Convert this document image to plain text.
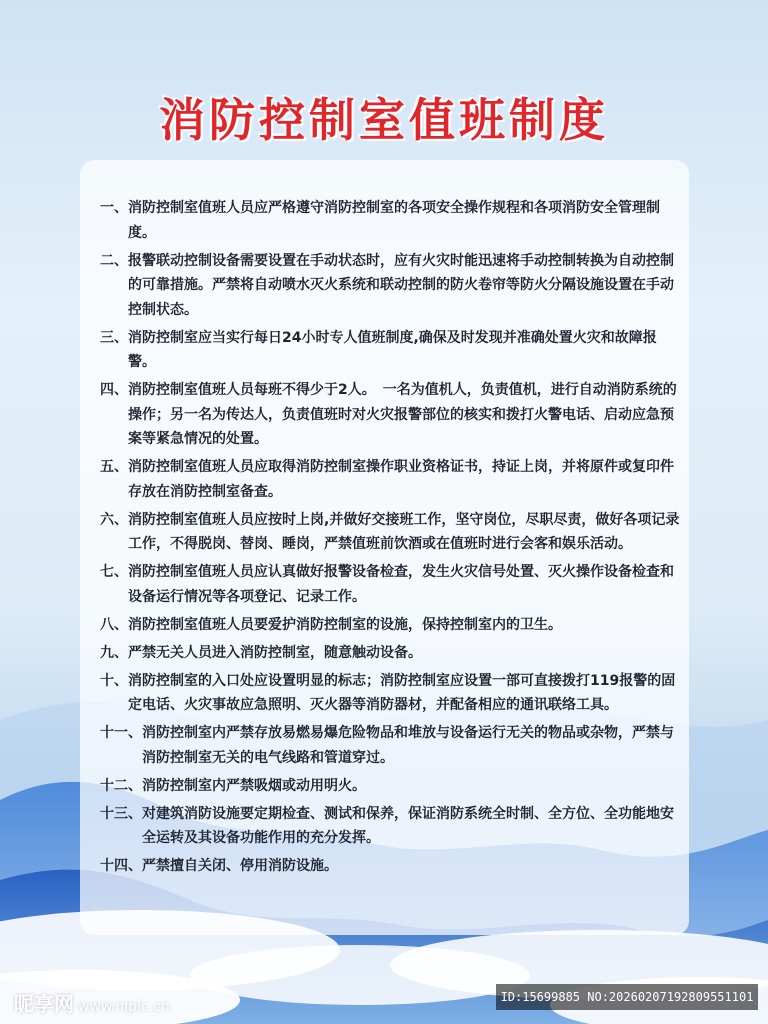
消防控制室值班制度
一、 消防控制室值班人员应严格遵守消防控制室的各项安全操作规程和各项消防安全管理制度。
二、 报警联动控制设备需要设置在手动状态时，应有火灾时能迅速将手动控制转换为自动控制的可靠措施。严禁将自动喷水灭火系统和联动控制的防火卷帘等防火分隔设施设置在手动控制状态。
三、 消防控制室应当实行每日24小时专人值班制度,确保及时发现并准确处置火灾和故障报警。
四、 消防控制室值班人员每班不得少于2人。　一名为值机人，负责值机，进行自动消防系统的操作；另一名为传达人，负责值班时对火灾报警部位的核实和拨打火警电话、启动应急预案等紧急情况的处置。
五、 消防控制室值班人员应取得消防控制室操作职业资格证书，持证上岗，并将原件或复印件存放在消防控制室备查。
六、 消防控制室值班人员应按时上岗,并做好交接班工作，坚守岗位，尽职尽责，做好各项记录工作，不得脱岗、替岗、睡岗，严禁值班前饮酒或在值班时进行会客和娱乐活动。
七、 消防控制室值班人员应认真做好报警设备检查，发生火灾信号处置、灭火操作设备检查和设备运行情况等各项登记、记录工作。
八、 消防控制室值班人员要爱护消防控制室的设施，保持控制室内的卫生。
九、 严禁无关人员进入消防控制室，随意触动设备。
十、 消防控制室的入口处应设置明显的标志；消防控制室应设置一部可直接拨打119报警的固定电话、火灾事故应急照明、灭火器等消防器材，并配备相应的通讯联络工具。
十一、 消防控制室内严禁存放易燃易爆危险物品和堆放与设备运行无关的物品或杂物，严禁与消防控制室无关的电气线路和管道穿过。
十二、 消防控制室内严禁吸烟或动用明火。
十三、 对建筑消防设施要定期检查、测试和保养，保证消防系统全时制、全方位、全功能地安全运转及其设备功能作用的充分发挥。
十四、 严禁擅自关闭、停用消防设施。
昵享网 www.nipic.cn
ID:15699885 NO:20260207192809551101
